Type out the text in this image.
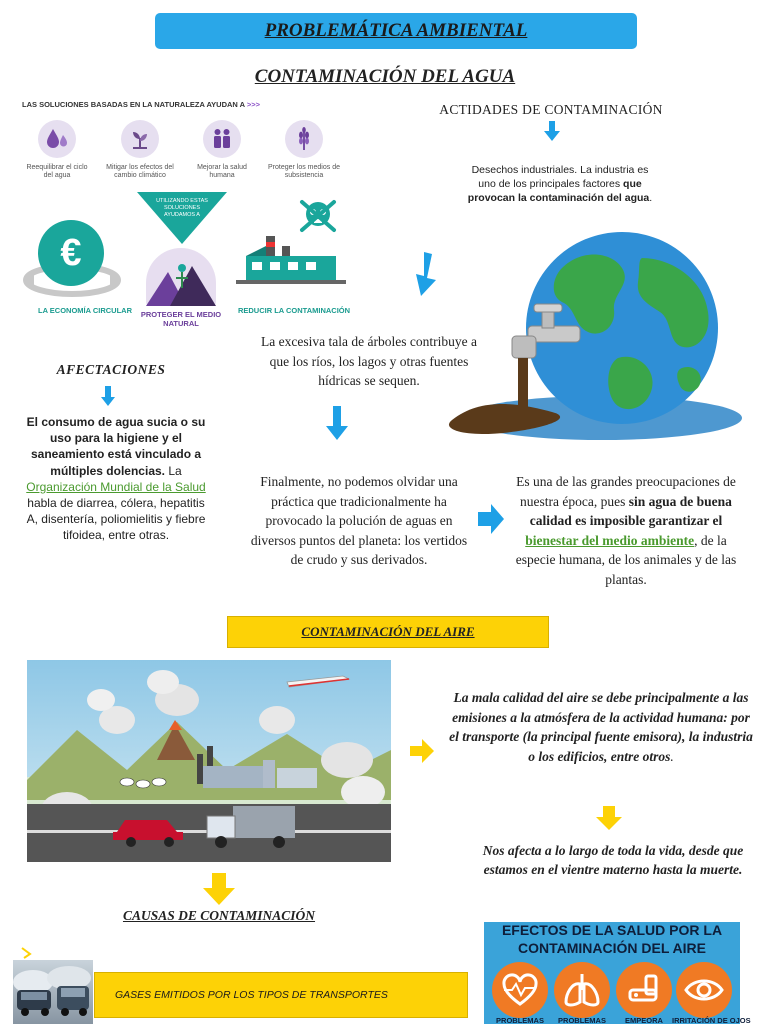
PROBLEMÁTICA AMBIENTAL
CONTAMINACIÓN DEL AGUA
LAS SOLUCIONES BASADAS EN LA NATURALEZA AYUDAN A >>>
Reequilibrar el ciclo del agua
Mitigar los efectos del cambio climático
Mejorar la salud humana
Proteger los medios de subsistencia
UTILIZANDO ESTAS SOLUCIONES AYUDAMOS A
€
LA ECONOMÍA CIRCULAR	PROTEGER EL MEDIO NATURAL
REDUCIR LA CONTAMINACIÓN
ACTIDADES DE CONTAMINACIÓN
Desechos industriales. La industria es uno de los principales factores que provocan la contaminación del agua.
La excesiva tala de árboles contribuye a que los ríos, los lagos y otras fuentes hídricas se sequen.
AFECTACIONES
El consumo de agua sucia o su uso para la higiene y el saneamiento está vinculado a múltiples dolencias. La Organización Mundial de la Salud habla de diarrea, cólera, hepatitis A, disentería, poliomielitis y fiebre tifoidea, entre otras.
Finalmente, no podemos olvidar una práctica que tradicionalmente ha provocado la polución de aguas en diversos puntos del planeta: los vertidos de crudo y sus derivados.
Es una de las grandes preocupaciones de nuestra época, pues sin agua de buena calidad es imposible garantizar el bienestar del medio ambiente, de la especie humana, de los animales y de las plantas.
CONTAMINACIÓN DEL AIRE
La mala calidad del aire se debe principalmente a las emisiones a la atmósfera de la actividad humana: por el transporte (la principal fuente emisora), la industria o los edificios, entre otros.
Nos afecta a lo largo de toda la vida, desde que estamos en el vientre materno hasta la muerte.
CAUSAS DE CONTAMINACIÓN
GASES EMITIDOS POR LOS TIPOS DE TRANSPORTES
EFECTOS DE LA SALUD POR LA CONTAMINACIÓN DEL AIRE
PROBLEMAS	PROBLEMAS	EMPEORA	IRRITACIÓN DE OJOS
